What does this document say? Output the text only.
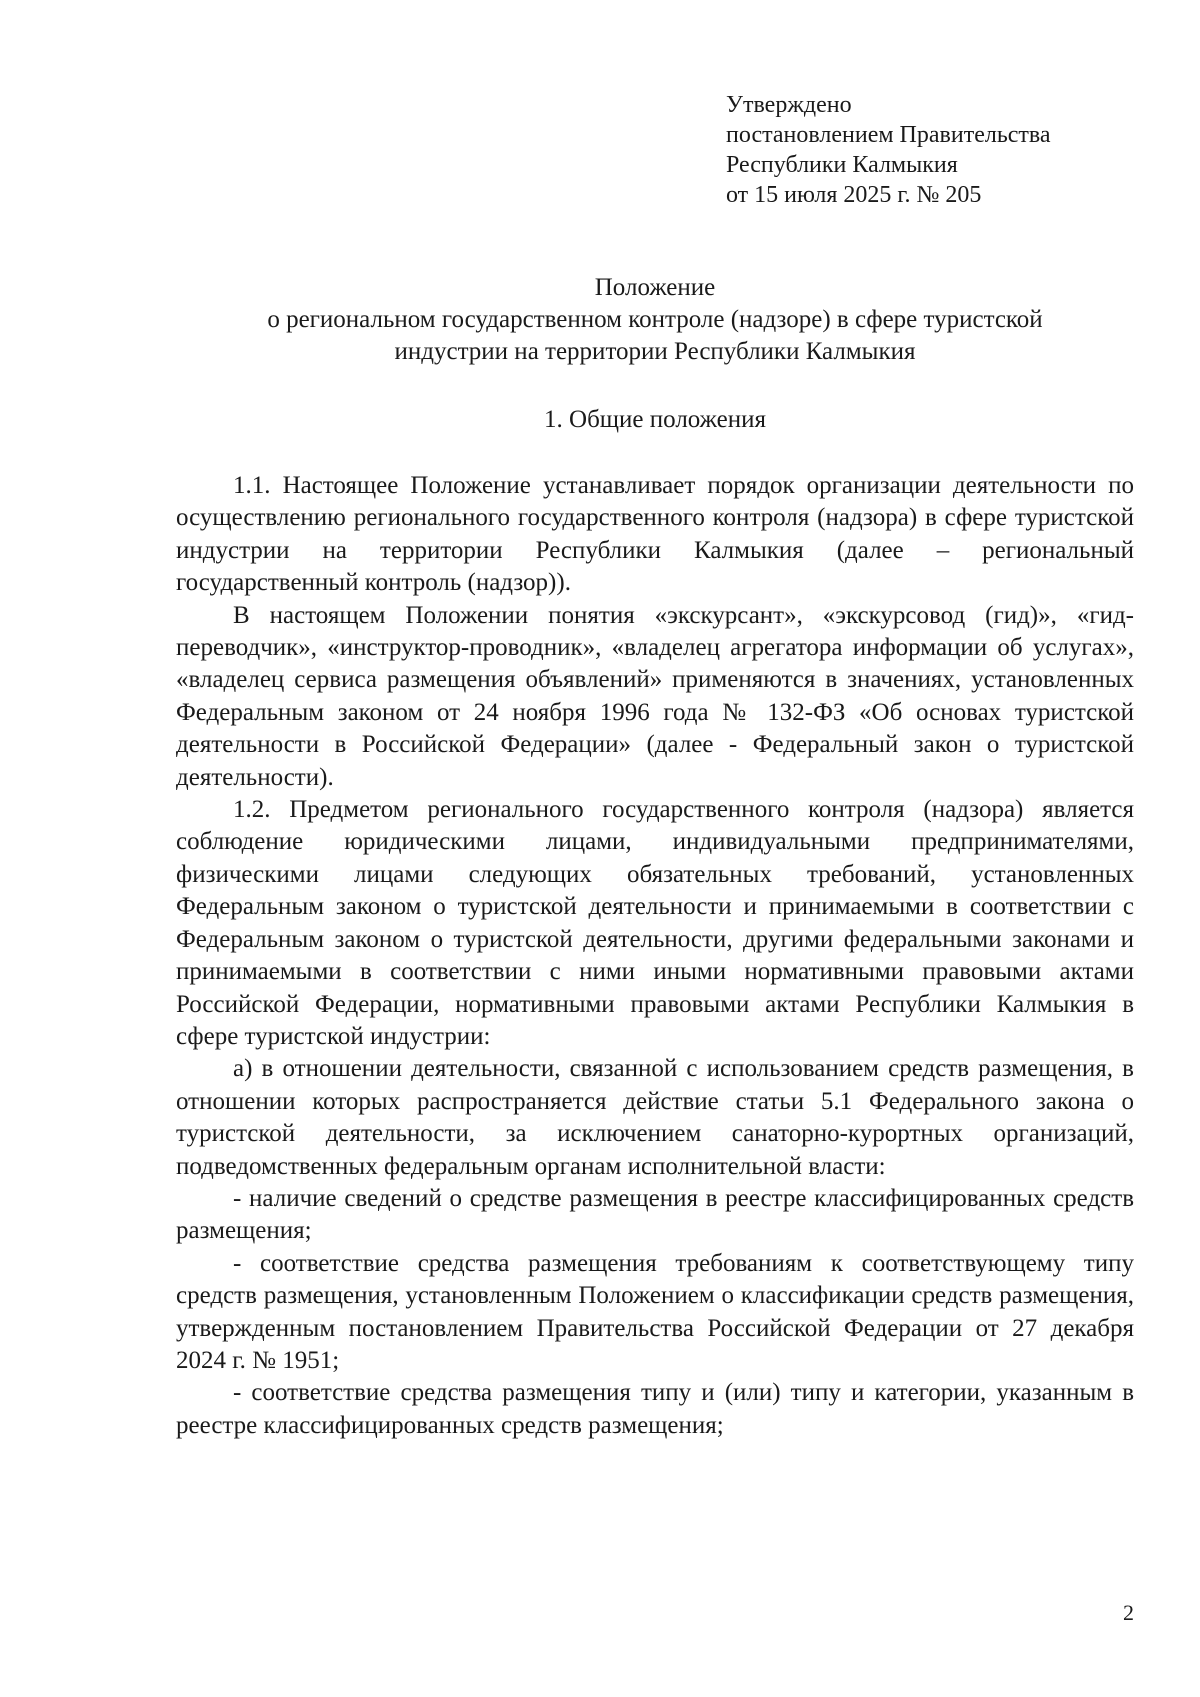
Утверждено
постановлением Правительства
Республики Калмыкия
от 15 июля 2025 г. № 205
Положение
о региональном государственном контроле (надзоре) в сфере туристской
индустрии на территории Республики Калмыкия
1. Общие положения

1.1. Настоящее Положение устанавливает порядок организации деятельности по осуществлению регионального государственного контроля (надзора) в сфере туристской индустрии на территории Республики Калмыкия (далее – региональный государственный контроль (надзор)).

В настоящем Положении понятия «экскурсант», «экскурсовод (гид)», «гид-переводчик», «инструктор-проводник», «владелец агрегатора информации об услугах», «владелец сервиса размещения объявлений» применяются в значениях, установленных Федеральным законом от 24 ноября 1996 года № 132-ФЗ «Об основах туристской деятельности в Российской Федерации» (далее - Федеральный закон о туристской деятельности).

1.2. Предметом регионального государственного контроля (надзора) является соблюдение юридическими лицами, индивидуальными предпринимателями, физическими лицами следующих обязательных требований, установленных Федеральным законом о туристской деятельности и принимаемыми в соответствии с Федеральным законом о туристской деятельности, другими федеральными законами и принимаемыми в соответствии с ними иными нормативными правовыми актами Российской Федерации, нормативными правовыми актами Республики Калмыкия в сфере туристской индустрии:

а) в отношении деятельности, связанной с использованием средств размещения, в отношении которых распространяется действие статьи 5.1 Федерального закона о туристской деятельности, за исключением санаторно-курортных организаций, подведомственных федеральным органам исполнительной власти:

- наличие сведений о средстве размещения в реестре классифицированных средств размещения;

- соответствие средства размещения требованиям к соответствующему типу средств размещения, установленным Положением о классификации средств размещения, утвержденным постановлением Правительства Российской Федерации от 27 декабря 2024 г. № 1951;

- соответствие средства размещения типу и (или) типу и категории, указанным в реестре классифицированных средств размещения;

2
